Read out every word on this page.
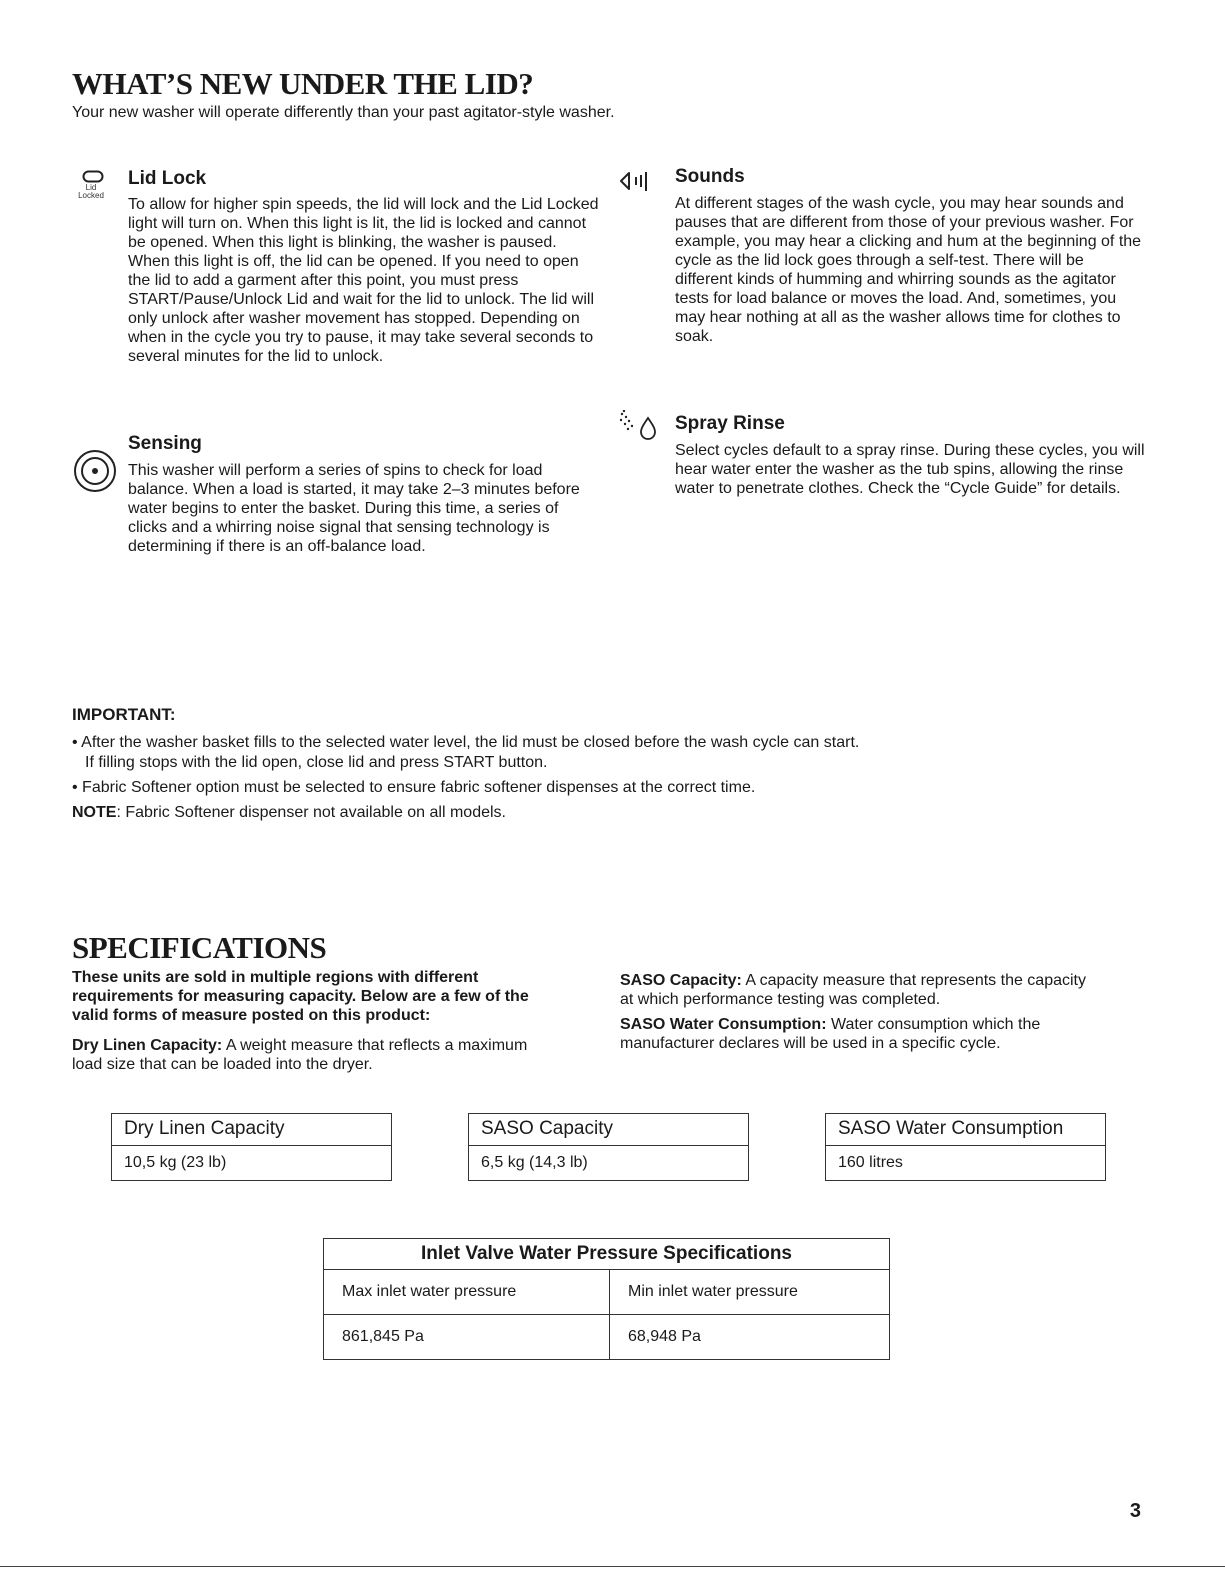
WHAT’S NEW UNDER THE LID?
Your new washer will operate differently than your past agitator-style washer.
Lid Locked
Lid Lock
To allow for higher spin speeds, the lid will lock and the Lid Locked light will turn on. When this light is lit, the lid is locked and cannot be opened. When this light is blinking, the washer is paused. When this light is off, the lid can be opened. If you need to open the lid to add a garment after this point, you must press START/Pause/Unlock Lid and wait for the lid to unlock. The lid will only unlock after washer movement has stopped. Depending on when in the cycle you try to pause, it may take several seconds to several minutes for the lid to unlock.
Sounds
At different stages of the wash cycle, you may hear sounds and pauses that are different from those of your previous washer. For example, you may hear a clicking and hum at the beginning of the cycle as the lid lock goes through a self-test. There will be different kinds of humming and whirring sounds as the agitator tests for load balance or moves the load. And, sometimes, you may hear nothing at all as the washer allows time for clothes to soak.
Sensing
This washer will perform a series of spins to check for load balance. When a load is started, it may take 2–3 minutes before water begins to enter the basket. During this time, a series of clicks and a whirring noise signal that sensing technology is determining if there is an off-balance load.
Spray Rinse
Select cycles default to a spray rinse. During these cycles, you will hear water enter the washer as the tub spins, allowing the rinse water to penetrate clothes. Check the “Cycle Guide” for details.
IMPORTANT:
• After the washer basket fills to the selected water level, the lid must be closed before the wash cycle can start.
If filling stops with the lid open, close lid and press START button.
• Fabric Softener option must be selected to ensure fabric softener dispenses at the correct time.
NOTE: Fabric Softener dispenser not available on all models.
SPECIFICATIONS
These units are sold in multiple regions with different requirements for measuring capacity. Below are a few of the valid forms of measure posted on this product:
Dry Linen Capacity: A weight measure that reflects a maximum load size that can be loaded into the dryer.
SASO Capacity: A capacity measure that represents the capacity at which performance testing was completed.
SASO Water Consumption: Water consumption which the manufacturer declares will be used in a specific cycle.
Dry Linen Capacity
10,5 kg (23 lb)
SASO Capacity
6,5 kg (14,3 lb)
SASO Water Consumption
160 litres
Inlet Valve Water Pressure Specifications	
Max inlet water pressure	Min inlet water pressure
861,845 Pa	68,948 Pa
3
